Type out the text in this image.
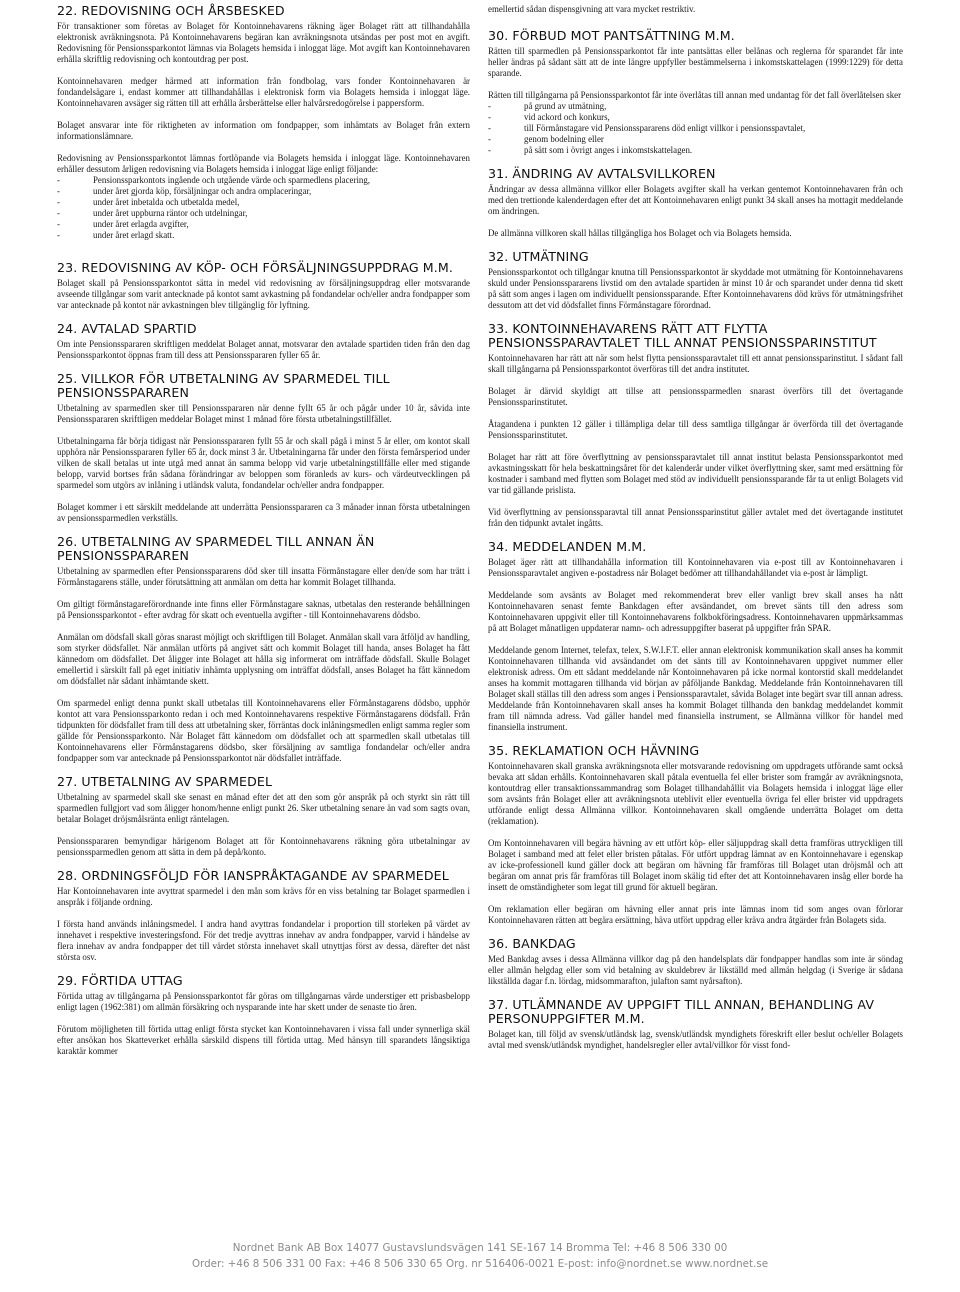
22. REDOVISNING OCH ÅRSBESKED

För transaktioner som företas av Bolaget för Kontoinnehavarens räkning äger Bolaget rätt att tillhandahålla elektronisk avräkningsnota. På Kontoinnehavarens begäran kan avräkningsnota utsändas per post mot en avgift. Redovisning för Pensionssparkontot lämnas via Bolagets hemsida i inloggat läge. Mot avgift kan Kontoinnehavaren erhålla skriftlig redovisning och kontoutdrag per post.

Kontoinnehavaren medger härmed att information från fondbolag, vars fonder Kontoinnehavaren är fondandelsägare i, endast kommer att tillhandahållas i elektronisk form via Bolagets hemsida i inloggat läge. Kontoinnehavaren avsäger sig rätten till att erhålla årsberättelse eller halvårsredogörelse i pappersform.

Bolaget ansvarar inte för riktigheten av information om fondpapper, som inhämtats av Bolaget från extern informationslämnare.

Redovisning av Pensionssparkontot lämnas fortlöpande via Bolagets hemsida i inloggat läge. Kontoinnehavaren erhåller dessutom årligen redovisning via Bolagets hemsida i inloggat läge enligt följande:

- Pensionssparkontots ingående och utgående värde och sparmedlens placering,
- under året gjorda köp, försäljningar och andra omplaceringar,
- under året inbetalda och utbetalda medel,
- under året uppburna räntor och utdelningar,
- under året erlagda avgifter,
- under året erlagd skatt.
23. REDOVISNING AV KÖP- OCH FÖRSÄLJNINGSUPPDRAG M.M.

Bolaget skall på Pensionssparkontot sätta in medel vid redovisning av försäljningsuppdrag eller motsvarande avseende tillgångar som varit antecknade på kontot samt avkastning på fondandelar och/eller andra fondpapper som var antecknade på kontot när avkastningen blev tillgänglig för lyftning.

24. AVTALAD SPARTID

Om inte Pensionsspararen skriftligen meddelat Bolaget annat, motsvarar den avtalade spartiden tiden från den dag Pensionssparkontot öppnas fram till dess att Pensionsspararen fyller 65 år.

25. VILLKOR FÖR UTBETALNING AV SPARMEDEL TILL PENSIONSSPARAREN

Utbetalning av sparmedlen sker till Pensionsspararen när denne fyllt 65 år och pågår under 10 år, såvida inte Pensionsspararen skriftligen meddelar Bolaget minst 1 månad före första utbetalningstillfället.

Utbetalningarna får börja tidigast när Pensionsspararen fyllt 55 år och skall pågå i minst 5 år eller, om kontot skall upphöra när Pensionsspararen fyller 65 år, dock minst 3 år. Utbetalningarna får under den första femårsperiod under vilken de skall betalas ut inte utgå med annat än samma belopp vid varje utbetalningstillfälle eller med stigande belopp, varvid bortses från sådana förändringar av beloppen som föranleds av kurs- och värdeutvecklingen på sparmedel som utgörs av inlåning i utländsk valuta, fondandelar och/eller andra fondpapper.

Bolaget kommer i ett särskilt meddelande att underrätta Pensionsspararen ca 3 månader innan första utbetalningen av pensionssparmedlen verkställs.

26. UTBETALNING AV SPARMEDEL TILL ANNAN ÄN PENSIONSSPARAREN

Utbetalning av sparmedlen efter Pensionsspararens död sker till insatta Förmånstagare eller den/de som har trätt i Förmånstagarens ställe, under förutsättning att anmälan om detta har kommit Bolaget tillhanda.

Om giltigt förmånstagareförordnande inte finns eller Förmånstagare saknas, utbetalas den resterande behållningen på Pensionssparkontot - efter avdrag för skatt och eventuella avgifter - till Kontoinnehavarens dödsbo.

Anmälan om dödsfall skall göras snarast möjligt och skriftligen till Bolaget. Anmälan skall vara åtföljd av handling, som styrker dödsfallet. När anmälan utförts på angivet sätt och kommit Bolaget till handa, anses Bolaget ha fått kännedom om dödsfallet. Det åligger inte Bolaget att hålla sig informerat om inträffade dödsfall. Skulle Bolaget emellertid i särskilt fall på eget initiativ inhämta upplysning om inträffat dödsfall, anses Bolaget ha fått kännedom om dödsfallet när sådant inhämtande skett.

Om sparmedel enligt denna punkt skall utbetalas till Kontoinnehavarens eller Förmånstagarens dödsbo, upphör kontot att vara Pensionssparkonto redan i och med Kontoinnehavarens respektive Förmånstagarens dödsfall. Från tidpunkten för dödsfallet fram till dess att utbetalning sker, förräntas dock inlåningsmedlen enligt samma regler som gällde för Pensionssparkonto. När Bolaget fått kännedom om dödsfallet och att sparmedlen skall utbetalas till Kontoinnehavarens eller Förmånstagarens dödsbo, sker försäljning av samtliga fondandelar och/eller andra fondpapper som var antecknade på Pensionssparkontot när dödsfallet inträffade.

27. UTBETALNING AV SPARMEDEL

Utbetalning av sparmedel skall ske senast en månad efter det att den som gör anspråk på och styrkt sin rätt till sparmedlen fullgjort vad som åligger honom/henne enligt punkt 26. Sker utbetalning senare än vad som sagts ovan, betalar Bolaget dröjsmålsränta enligt räntelagen.

Pensionsspararen bemyndigar härigenom Bolaget att för Kontoinnehavarens räkning göra utbetalningar av pensionssparmedlen genom att sätta in dem på depå/konto.

28. ORDNINGSFÖLJD FÖR IANSPRÅKTAGANDE AV SPARMEDEL

Har Kontoinnehavaren inte avyttrat sparmedel i den mån som krävs för en viss betalning tar Bolaget sparmedlen i anspråk i följande ordning.

I första hand används inlåningsmedel. I andra hand avyttras fondandelar i proportion till storleken på värdet av innehavet i respektive investeringsfond. För det tredje avyttras innehav av andra fondpapper, varvid i händelse av flera innehav av andra fondpapper det till värdet största innehavet skall utnyttjas först av dessa, därefter det näst största osv.

29. FÖRTIDA UTTAG

Förtida uttag av tillgångarna på Pensionssparkontot får göras om tillgångarnas värde understiger ett prisbasbelopp enligt lagen (1962:381) om allmän försäkring och nysparande inte har skett under de senaste tio åren.

Förutom möjligheten till förtida uttag enligt första stycket kan Kontoinnehavaren i vissa fall under synnerliga skäl efter ansökan hos Skatteverket erhålla särskild dispens till förtida uttag. Med hänsyn till sparandets långsiktiga karaktär kommer

emellertid sådan dispensgivning att vara mycket restriktiv.

30. FÖRBUD MOT PANTSÄTTNING M.M.

Rätten till sparmedlen på Pensionssparkontot får inte pantsättas eller belånas och reglerna för sparandet får inte heller ändras på sådant sätt att de inte längre uppfyller bestämmelserna i inkomstskattelagen (1999:1229) för detta sparande.

Rätten till tillgångarna på Pensionssparkontot får inte överlåtas till annan med undantag för det fall överlåtelsen sker

- på grund av utmätning,
- vid ackord och konkurs,
- till Förmånstagare vid Pensionsspararens död enligt villkor i pensionsspavtalet,
- genom bodelning eller
- på sätt som i övrigt anges i inkomstskattelagen.
31. ÄNDRING AV AVTALSVILLKOREN

Ändringar av dessa allmänna villkor eller Bolagets avgifter skall ha verkan gentemot Kontoinnehavaren från och med den trettionde kalenderdagen efter det att Kontoinnehavaren enligt punkt 34 skall anses ha mottagit meddelande om ändringen.

De allmänna villkoren skall hållas tillgängliga hos Bolaget och via Bolagets hemsida.

32. UTMÄTNING

Pensionssparkontot och tillgångar knutna till Pensionssparkontot är skyddade mot utmätning för Kontoinnehavarens skuld under Pensionsspararens livstid om den avtalade spartiden är minst 10 år och sparandet under denna tid skett på sätt som anges i lagen om individuellt pensionssparande. Efter Kontoinnehavarens död krävs för utmätningsfrihet dessutom att det vid dödsfallet finns Förmånstagare förordnad.

33. KONTOINNEHAVARENS RÄTT ATT FLYTTA PENSIONSSPARAVTALET TILL ANNAT PENSIONSSPARINSTITUT

Kontoinnehavaren har rätt att när som helst flytta pensionssparavtalet till ett annat pensionssparinstitut. I sådant fall skall tillgångarna på Pensionssparkontot överföras till det andra institutet.

Bolaget är därvid skyldigt att tillse att pensionssparmedlen snarast överförs till det övertagande Pensionssparinstitutet.

Åtagandena i punkten 12 gäller i tillämpliga delar till dess samtliga tillgångar är överförda till det övertagande Pensionssparinstitutet.

Bolaget har rätt att före överflyttning av pensionssparavtalet till annat institut belasta Pensionssparkontot med avkastningsskatt för hela beskattningsåret för det kalenderår under vilket överflyttning sker, samt med ersättning för kostnader i samband med flytten som Bolaget med stöd av individuellt pensionssparande får ta ut enligt Bolagets vid var tid gällande prislista.

Vid överflyttning av pensionssparavtal till annat Pensionssparinstitut gäller avtalet med det övertagande institutet från den tidpunkt avtalet ingåtts.

34. MEDDELANDEN M.M.

Bolaget äger rätt att tillhandahålla information till Kontoinnehavaren via e-post till av Kontoinnehavaren i Pensionssparavtalet angiven e-postadress när Bolaget bedömer att tillhandahållandet via e-post är lämpligt.

Meddelande som avsänts av Bolaget med rekommenderat brev eller vanligt brev skall anses ha nått Kontoinnehavaren senast femte Bankdagen efter avsändandet, om brevet sänts till den adress som Kontoinnehavaren uppgivit eller till Kontoinnehavarens folkbokföringsadress. Kontoinnehavaren uppmärksammas på att Bolaget månatligen uppdaterar namn- och adressuppgifter baserat på uppgifter från SPAR.

Meddelande genom Internet, telefax, telex, S.W.I.F.T. eller annan elektronisk kommunikation skall anses ha kommit Kontoinnehavaren tillhanda vid avsändandet om det sänts till av Kontoinnehavaren uppgivet nummer eller elektronisk adress. Om ett sådant meddelande når Kontoinnehavaren på icke normal kontorstid skall meddelandet anses ha kommit mottagaren tillhanda vid början av påföljande Bankdag. Meddelande från Kontoinnehavaren till Bolaget skall ställas till den adress som anges i Pensionssparavtalet, såvida Bolaget inte begärt svar till annan adress. Meddelande från Kontoinnehavaren skall anses ha kommit Bolaget tillhanda den bankdag meddelandet kommit fram till nämnda adress. Vad gäller handel med finansiella instrument, se Allmänna villkor för handel med finansiella instrument.

35. REKLAMATION OCH HÄVNING

Kontoinnehavaren skall granska avräkningsnota eller motsvarande redovisning om uppdragets utförande samt också bevaka att sådan erhålls. Kontoinnehavaren skall påtala eventuella fel eller brister som framgår av avräkningsnota, kontoutdrag eller transaktionssammandrag som Bolaget tillhandahållit via Bolagets hemsida i inloggat läge eller som avsänts från Bolaget eller att avräkningsnota uteblivit eller eventuella övriga fel eller brister vid uppdragets utförande enligt dessa Allmänna villkor. Kontoinnehavaren skall omgående underrätta Bolaget om detta (reklamation).

Om Kontoinnehavaren vill begära hävning av ett utfört köp- eller säljuppdrag skall detta framföras uttryckligen till Bolaget i samband med att felet eller bristen påtalas. För utfört uppdrag lämnat av en Kontoinnehavare i egenskap av icke-professionell kund gäller dock att begäran om hävning får framföras till Bolaget utan dröjsmål och att begäran om annat pris får framföras till Bolaget inom skälig tid efter det att Kontoinnehavaren insåg eller borde ha insett de omständigheter som legat till grund för aktuell begäran.

Om reklamation eller begäran om hävning eller annat pris inte lämnas inom tid som anges ovan förlorar Kontoinnehavaren rätten att begära ersättning, häva utfört uppdrag eller kräva andra åtgärder från Bolagets sida.

36. BANKDAG

Med Bankdag avses i dessa Allmänna villkor dag på den handelsplats där fondpapper handlas som inte är söndag eller allmän helgdag eller som vid betalning av skuldebrev är likställd med allmän helgdag (i Sverige är sådana likställda dagar f.n. lördag, midsommarafton, julafton samt nyårsafton).

37. UTLÄMNANDE AV UPPGIFT TILL ANNAN, BEHANDLING AV PERSONUPPGIFTER M.M.

Bolaget kan, till följd av svensk/utländsk lag, svensk/utländsk myndighets föreskrift eller beslut och/eller Bolagets avtal med svensk/utländsk myndighet, handelsregler eller avtal/villkor för visst fond-

Nordnet Bank AB Box 14077 Gustavslundsvägen 141 SE-167 14 Bromma Tel: +46 8 506 330 00
Order: +46 8 506 331 00 Fax: +46 8 506 330 65 Org. nr 516406-0021 E-post: info@nordnet.se www.nordnet.se
